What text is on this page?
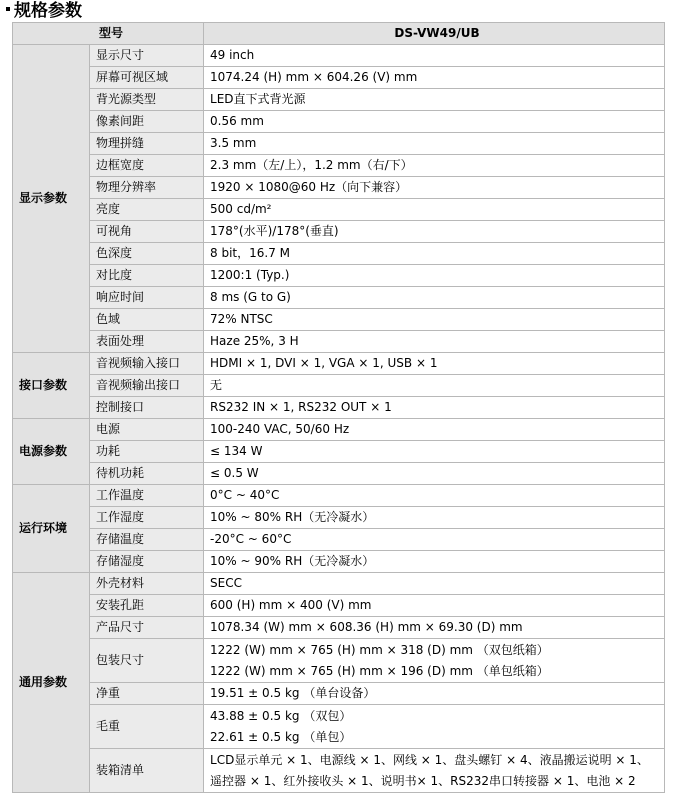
规格参数
型号		DS-VW49/UB
显示参数	显示尺寸	49 inch

	屏幕可视区域	1074.24 (H) mm × 604.26 (V) mm

	背光源类型	LED直下式背光源

	像素间距	0.56 mm

	物理拼缝	3.5 mm

	边框宽度	2.3 mm（左/上），1.2 mm（右/下）

	物理分辨率	1920 × 1080@60 Hz（向下兼容）

	亮度	500 cd/m²

	可视角	178°(水平)/178°(垂直)

	色深度	8 bit，16.7 M

	对比度	1200:1 (Typ.)

	响应时间	8 ms (G to G)

	色域	72% NTSC

	表面处理	Haze 25%, 3 H

接口参数	音视频输入接口	HDMI × 1, DVI × 1, VGA × 1, USB × 1

	音视频输出接口	无

	控制接口	RS232 IN × 1, RS232 OUT × 1

电源参数	电源	100-240 VAC, 50/60 Hz

	功耗	≤ 134 W

	待机功耗	≤ 0.5 W

运行环境	工作温度	0°C ~ 40°C

	工作湿度	10% ~ 80% RH（无冷凝水）

	存储温度	-20°C ~ 60°C

	存储湿度	10% ~ 90% RH（无冷凝水）

通用参数	外壳材料	SECC

	安装孔距	600 (H) mm × 400 (V) mm

	产品尺寸	1078.34 (W) mm × 608.36 (H) mm × 69.30 (D) mm

	包装尺寸	1222 (W) mm × 765 (H) mm × 318 (D) mm （双包纸箱）
1222 (W) mm × 765 (H) mm × 196 (D) mm （单包纸箱）

	净重	19.51 ± 0.5 kg （单台设备）

	毛重	43.88 ± 0.5 kg （双包）
22.61 ± 0.5 kg （单包）

	装箱清单	LCD显示单元 × 1、电源线 × 1、网线 × 1、盘头螺钉 × 4、液晶搬运说明 × 1、
遥控器 × 1、红外接收头 × 1、说明书× 1、RS232串口转接器 × 1、电池 × 2
